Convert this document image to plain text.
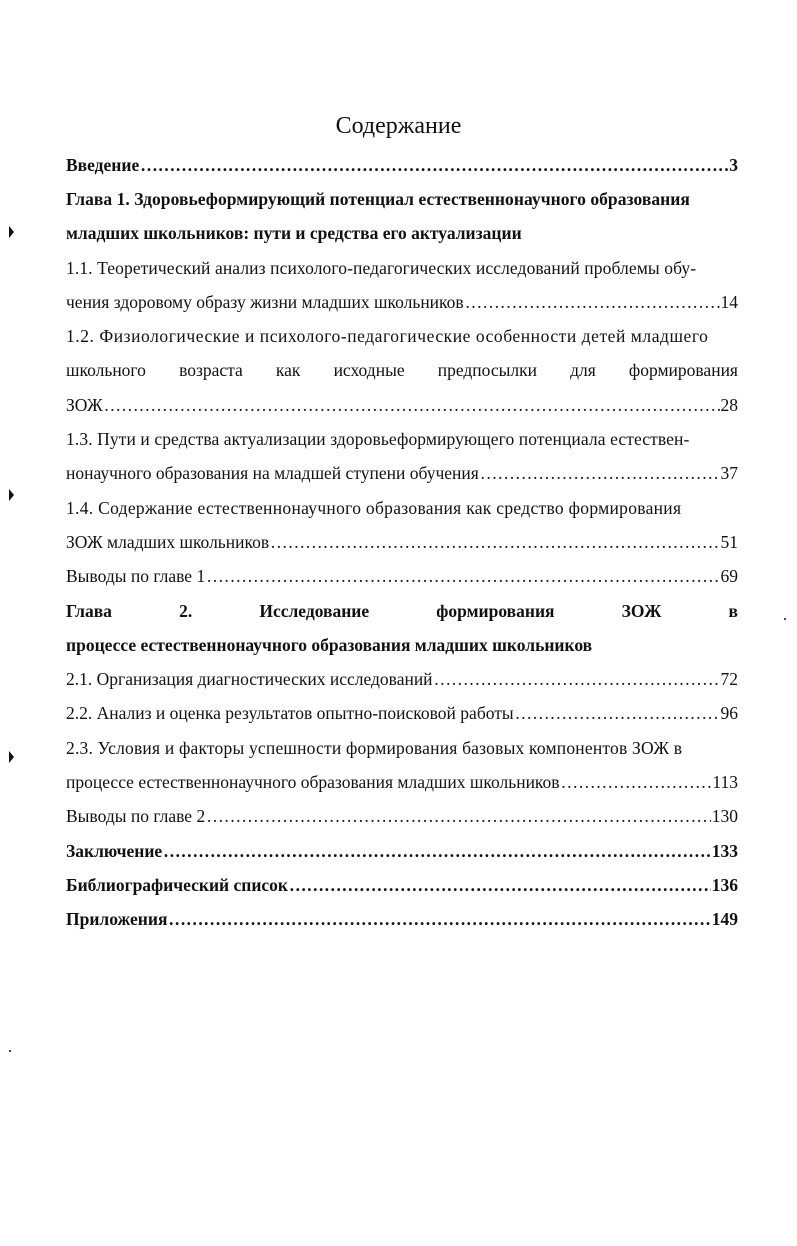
Содержание
Введение …………………………………………………………………………………………………………………………………………………………………………	3
Глава 1. Здоровьеформирующий потенциал естественнонаучного образования
младших школьников: пути и средства его актуализации
1.1. Теоретический анализ психолого-педагогических исследований проблемы обу-
чения здоровому образу жизни младших школьников …………………………………………………………………………………………………………………………………………………………………………	14
1.2. Физиологические и психолого-педагогические особенности детей младшего
школьного возраста как исходные предпосылки для формирования
ЗОЖ …………………………………………………………………………………………………………………………………………………………………………	28
1.3. Пути и средства актуализации здоровьеформирующего потенциала естествен-
нонаучного образования на младшей ступени обучения …………………………………………………………………………………………………………………………………………………………………………	37
1.4. Содержание естественнонаучного образования как средство формирования
ЗОЖ младших школьников …………………………………………………………………………………………………………………………………………………………………………	51
Выводы по главе 1 …………………………………………………………………………………………………………………………………………………………………………	69
Глава	2.	Исследование	формирования	ЗОЖ	в
процессе естественнонаучного образования младших школьников
2.1. Организация диагностических исследований …………………………………………………………………………………………………………………………………………………………………………	72
2.2. Анализ и оценка результатов опытно-поисковой работы …………………………………………………………………………………………………………………………………………………………………………	96
2.3. Условия и факторы успешности формирования базовых компонентов ЗОЖ в
процессе естественнонаучного образования младших школьников …………………………………………………………………………………………………………………………………………………………………………	113
Выводы по главе 2 …………………………………………………………………………………………………………………………………………………………………………	130
Заключение …………………………………………………………………………………………………………………………………………………………………………	133
Библиографический список …………………………………………………………………………………………………………………………………………………………………………	136
Приложения …………………………………………………………………………………………………………………………………………………………………………	149
